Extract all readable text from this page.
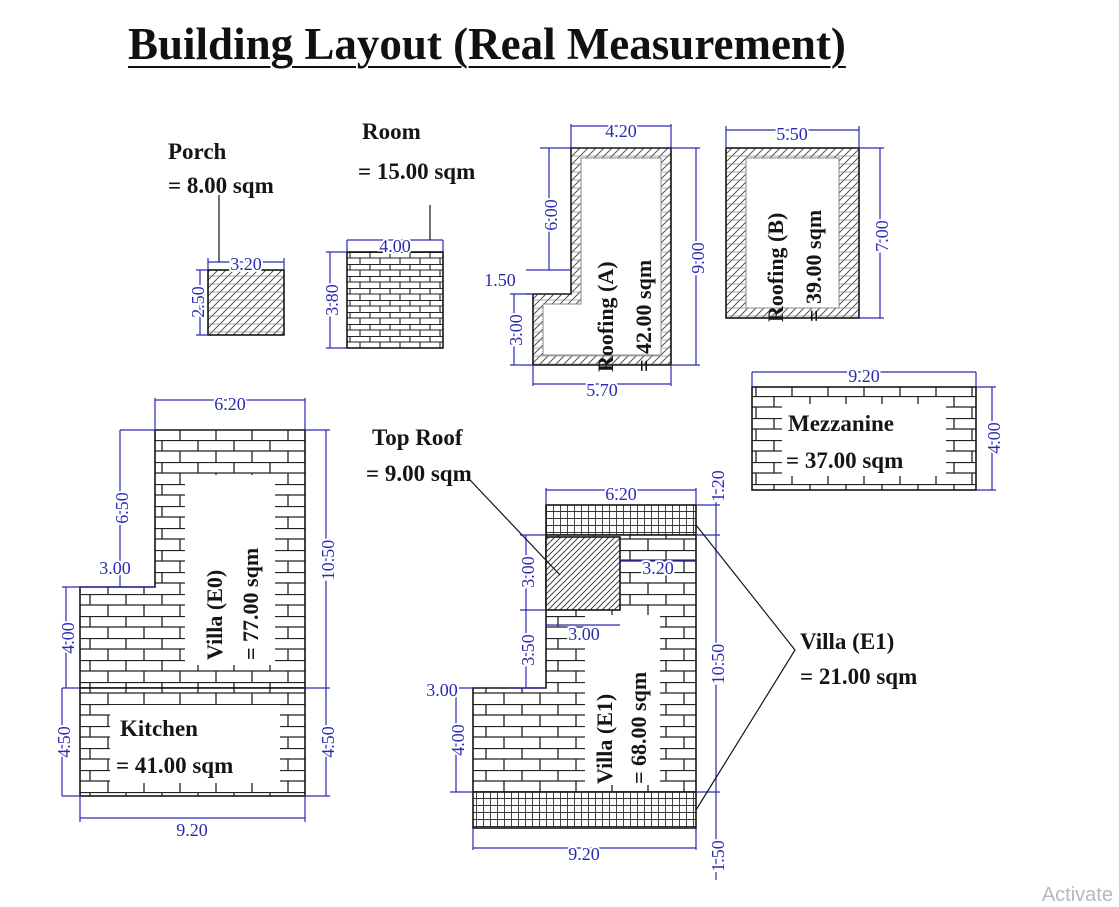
Building Layout (Real Measurement)
3.20
2.50
4.00
3.80
4.20
6.00
1.50
3.00
9.00
5.70
5.50
7.00
9.20
4.00
6.20
6.50
3.00
4.00
10.50
4.50	4.50
9.20
3.00	3.20
6.20	1.20
3.00
3.50
3.00
4.00
10.50
9.20	1.50
Roofing (A) = 42.00 sqm	Roofing (B) = 39.00 sqm
Villa (E0) = 77.00 sqm
Villa (E1) = 68.00 sqm
Porch
= 8.00 sqm
Room
= 15.00 sqm
Mezzanine
= 37.00 sqm
Kitchen
= 41.00 sqm
Top Roof
= 9.00 sqm
Villa (E1)
= 21.00 sqm
Activate
